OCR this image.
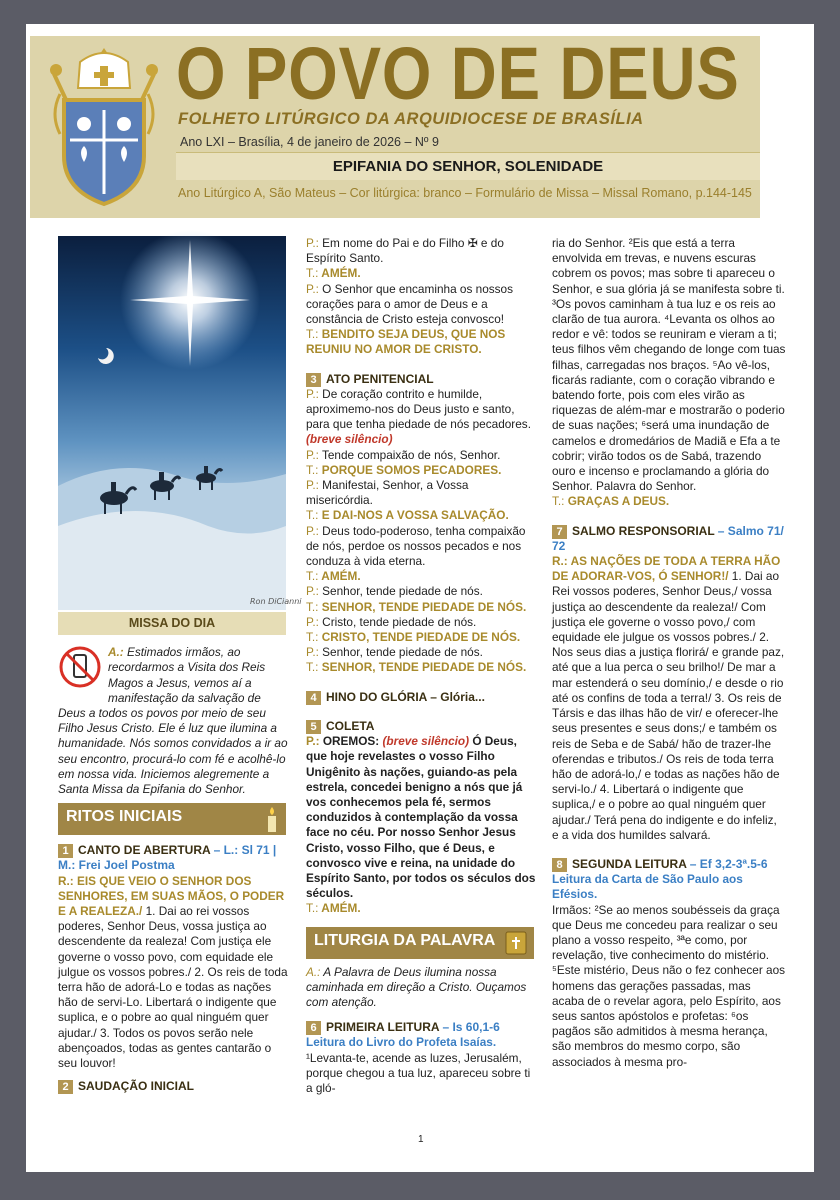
O POVO DE DEUS
FOLHETO LITÚRGICO DA ARQUIDIOCESE DE BRASÍLIA
Ano LXI – Brasília, 4 de janeiro de 2026 – Nº 9
EPIFANIA DO SENHOR, SOLENIDADE
Ano Litúrgico A, São Mateus – Cor litúrgica: branco – Formulário de Missa – Missal Romano, p.144-145
Ron DiCianni
MISSA DO DIA

A.: Estimados irmãos, ao recordarmos a Visita dos Reis Magos a Jesus, vemos aí a manifestação da salvação de Deus a todos os povos por meio de seu Filho Jesus Cristo. Ele é luz que ilumina a humanidade. Nós somos convidados a ir ao seu encontro, procurá-lo com fé e acolhê-lo em nossa vida. Iniciemos alegremente a Santa Missa da Epifania do Senhor.

RITOS INICIAIS

1 CANTO DE ABERTURA – L.: Sl 71 | M.: Frei Joel Postma

R.: EIS QUE VEIO O SENHOR DOS SENHORES, EM SUAS MÃOS, O PODER E A REALEZA./ 1. Dai ao rei vossos poderes, Senhor Deus, vossa justiça ao descendente da realeza! Com justiça ele governe o vosso povo, com equidade ele julgue os vossos pobres./ 2. Os reis de toda terra hão de adorá-Lo e todas as nações hão de servi-Lo. Libertará o indigente que suplica, e o pobre ao qual ninguém quer ajudar./ 3. Todos os povos serão nele abençoados, todas as gentes cantarão o seu louvor!

2 SAUDAÇÃO INICIAL

P.: Em nome do Pai e do Filho ✠ e do Espírito Santo.

T.: AMÉM.

P.: O Senhor que encaminha os nossos corações para o amor de Deus e a constância de Cristo esteja convosco!

T.: BENDITO SEJA DEUS, QUE NOS REUNIU NO AMOR DE CRISTO.

3 ATO PENITENCIAL

P.: De coração contrito e humilde, aproximemo-nos do Deus justo e santo, para que tenha piedade de nós pecadores. (breve silêncio)

P.: Tende compaixão de nós, Senhor.

T.: PORQUE SOMOS PECADORES.

P.: Manifestai, Senhor, a Vossa misericórdia.

T.: E DAI-NOS A VOSSA SALVAÇÃO.

P.: Deus todo-poderoso, tenha compaixão de nós, perdoe os nossos pecados e nos conduza à vida eterna.

T.: AMÉM.

P.: Senhor, tende piedade de nós.

T.: SENHOR, TENDE PIEDADE DE NÓS.

P.: Cristo, tende piedade de nós.

T.: CRISTO, TENDE PIEDADE DE NÓS.

P.: Senhor, tende piedade de nós.

T.: SENHOR, TENDE PIEDADE DE NÓS.

4 HINO DO GLÓRIA – Glória...

5 COLETA

P.: OREMOS: (breve silêncio) Ó Deus, que hoje revelastes o vosso Filho Unigênito às nações, guiando-as pela estrela, concedei benigno a nós que já vos conhecemos pela fé, sermos conduzidos à contemplação da vossa face no céu. Por nosso Senhor Jesus Cristo, vosso Filho, que é Deus, e convosco vive e reina, na unidade do Espírito Santo, por todos os séculos dos séculos.

T.: AMÉM.

LITURGIA DA PALAVRA

A.: A Palavra de Deus ilumina nossa caminhada em direção a Cristo. Ouçamos com atenção.

6 PRIMEIRA LEITURA – Is 60,1-6

Leitura do Livro do Profeta Isaías.

¹Levanta-te, acende as luzes, Jerusalém, porque chegou a tua luz, apareceu sobre ti a gló-

ria do Senhor. ²Eis que está a terra envolvida em trevas, e nuvens escuras cobrem os povos; mas sobre ti apareceu o Senhor, e sua glória já se manifesta sobre ti. ³Os povos caminham à tua luz e os reis ao clarão de tua aurora. ⁴Levanta os olhos ao redor e vê: todos se reuniram e vieram a ti; teus filhos vêm chegando de longe com tuas filhas, carregadas nos braços. ⁵Ao vê-los, ficarás radiante, com o coração vibrando e batendo forte, pois com eles virão as riquezas de além-mar e mostrarão o poderio de suas nações; ⁶será uma inundação de camelos e dromedários de Madiã e Efa a te cobrir; virão todos os de Sabá, trazendo ouro e incenso e proclamando a glória do Senhor. Palavra do Senhor.

T.: GRAÇAS A DEUS.

7 SALMO RESPONSORIAL – Salmo 71/ 72

R.: AS NAÇÕES DE TODA A TERRA HÃO DE ADORAR-VOS, Ó SENHOR!/ 1. Dai ao Rei vossos poderes, Senhor Deus,/ vossa justiça ao descendente da realeza!/ Com justiça ele governe o vosso povo,/ com equidade ele julgue os vossos pobres./ 2. Nos seus dias a justiça florirá/ e grande paz, até que a lua perca o seu brilho!/ De mar a mar estenderá o seu domínio,/ e desde o rio até os confins de toda a terra!/ 3. Os reis de Társis e das ilhas hão de vir/ e oferecer-lhe seus presentes e seus dons;/ e também os reis de Seba e de Sabá/ hão de trazer-lhe oferendas e tributos./ Os reis de toda terra hão de adorá-lo,/ e todas as nações hão de servi-lo./ 4. Libertará o indigente que suplica,/ e o pobre ao qual ninguém quer ajudar./ Terá pena do indigente e do infeliz, e a vida dos humildes salvará.

8 SEGUNDA LEITURA – Ef 3,2-3ª.5-6

Leitura da Carta de São Paulo aos Efésios.

Irmãos: ²Se ao menos soubésseis da graça que Deus me concedeu para realizar o seu plano a vosso respeito, ³ªe como, por revelação, tive conhecimento do mistério. ⁵Este mistério, Deus não o fez conhecer aos homens das gerações passadas, mas acaba de o revelar agora, pelo Espírito, aos seus santos apóstolos e profetas: ⁶os pagãos são admitidos à mesma herança, são membros do mesmo corpo, são associados à mesma pro-

1
